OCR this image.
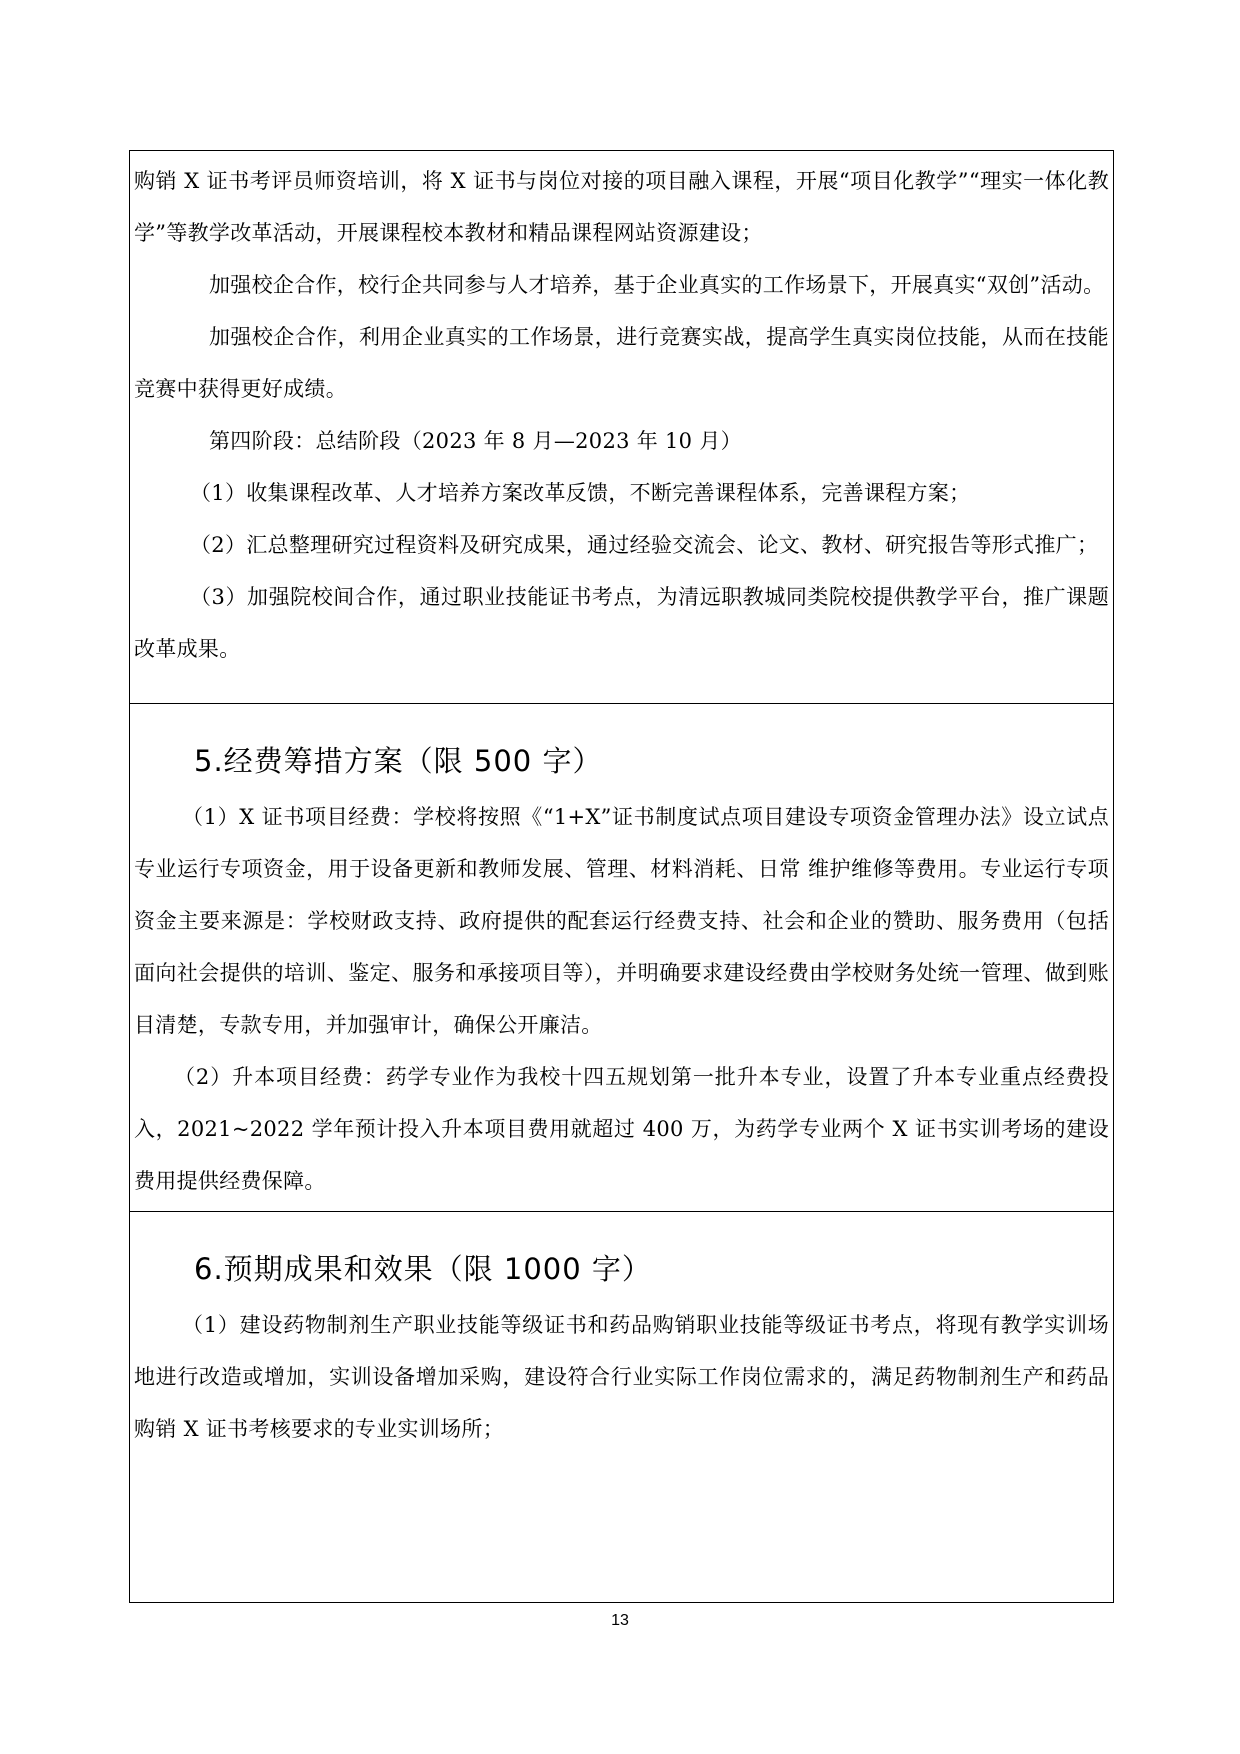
购销 X 证书考评员师资培训，将 X 证书与岗位对接的项目融入课程，开展“项目化教学”“理实一体化教学”等教学改革活动，开展课程校本教材和精品课程网站资源建设；

加强校企合作，校行企共同参与人才培养，基于企业真实的工作场景下，开展真实“双创”活动。

加强校企合作，利用企业真实的工作场景，进行竞赛实战，提高学生真实岗位技能，从而在技能竞赛中获得更好成绩。

第四阶段：总结阶段（2023 年 8 月—2023 年 10 月）

（1）收集课程改革、人才培养方案改革反馈，不断完善课程体系，完善课程方案；

（2）汇总整理研究过程资料及研究成果，通过经验交流会、论文、教材、研究报告等形式推广；

（3）加强院校间合作，通过职业技能证书考点，为清远职教城同类院校提供教学平台，推广课题改革成果。

5.经费筹措方案（限 500 字）

（1）X 证书项目经费：学校将按照《“1+X”证书制度试点项目建设专项资金管理办法》设立试点专业运行专项资金，用于设备更新和教师发展、管理、材料消耗、日常 维护维修等费用。专业运行专项资金主要来源是：学校财政支持、政府提供的配套运行经费支持、社会和企业的赞助、服务费用（包括面向社会提供的培训、鉴定、服务和承接项目等），并明确要求建设经费由学校财务处统一管理、做到账目清楚，专款专用，并加强审计，确保公开廉洁。

（2）升本项目经费：药学专业作为我校十四五规划第一批升本专业，设置了升本专业重点经费投入，2021~2022 学年预计投入升本项目费用就超过 400 万，为药学专业两个 X 证书实训考场的建设费用提供经费保障。

6.预期成果和效果（限 1000 字）

（1）建设药物制剂生产职业技能等级证书和药品购销职业技能等级证书考点，将现有教学实训场地进行改造或增加，实训设备增加采购，建设符合行业实际工作岗位需求的，满足药物制剂生产和药品购销 X 证书考核要求的专业实训场所；

13
